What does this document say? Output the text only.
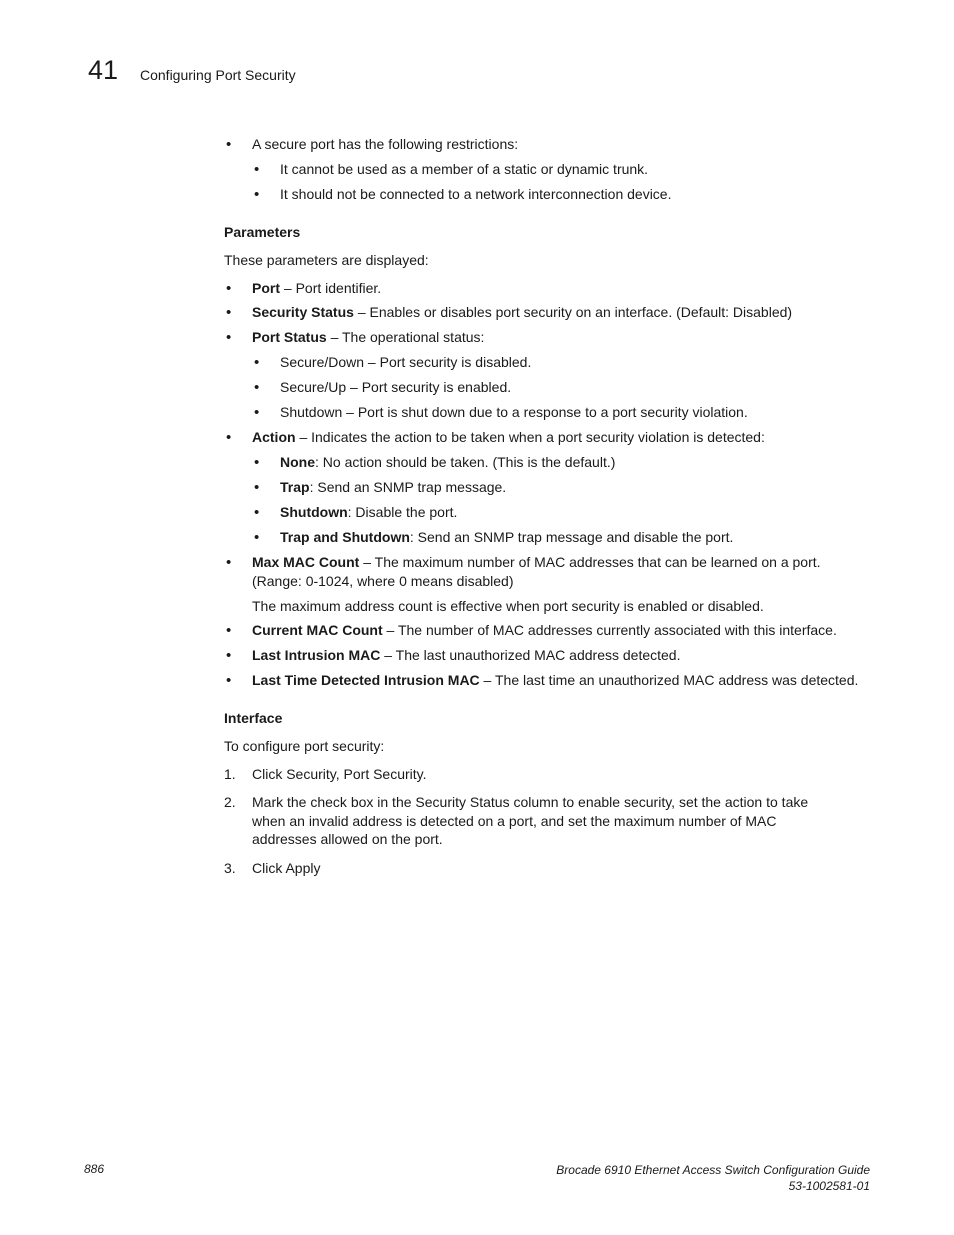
41 Configuring Port Security
• A secure port has the following restrictions:
• It cannot be used as a member of a static or dynamic trunk.
• It should not be connected to a network interconnection device.
Parameters
These parameters are displayed:
• Port – Port identifier.
• Security Status – Enables or disables port security on an interface. (Default: Disabled)
• Port Status – The operational status:
• Secure/Down – Port security is disabled.
• Secure/Up – Port security is enabled.
• Shutdown – Port is shut down due to a response to a port security violation.
• Action – Indicates the action to be taken when a port security violation is detected:
• None: No action should be taken. (This is the default.)
• Trap: Send an SNMP trap message.
• Shutdown: Disable the port.
• Trap and Shutdown: Send an SNMP trap message and disable the port.
• Max MAC Count – The maximum number of MAC addresses that can be learned on a port.
(Range: 0-1024, where 0 means disabled)
The maximum address count is effective when port security is enabled or disabled.
• Current MAC Count – The number of MAC addresses currently associated with this interface.
• Last Intrusion MAC – The last unauthorized MAC address detected.
• Last Time Detected Intrusion MAC – The last time an unauthorized MAC address was detected.
Interface
To configure port security:
1. Click Security, Port Security.
2. Mark the check box in the Security Status column to enable security, set the action to take
when an invalid address is detected on a port, and set the maximum number of MAC
addresses allowed on the port.
3. Click Apply
886	Brocade 6910 Ethernet Access Switch Configuration Guide
53-1002581-01
